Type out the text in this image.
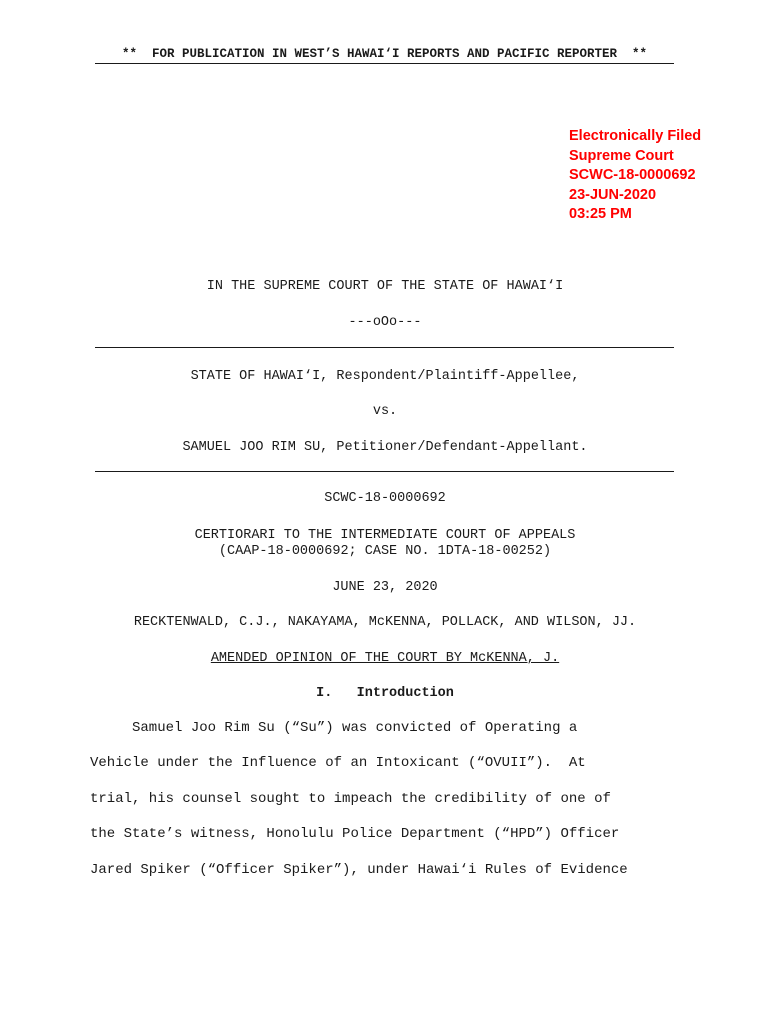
**  FOR PUBLICATION IN WEST’S HAWAI‘I REPORTS AND PACIFIC REPORTER  **
Electronically Filed
Supreme Court
SCWC-18-0000692
23-JUN-2020
03:25 PM
IN THE SUPREME COURT OF THE STATE OF HAWAI‘I
---oOo---
STATE OF HAWAI‘I, Respondent/Plaintiff-Appellee,
vs.
SAMUEL JOO RIM SU, Petitioner/Defendant-Appellant.
SCWC-18-0000692
CERTIORARI TO THE INTERMEDIATE COURT OF APPEALS
(CAAP-18-0000692; CASE NO. 1DTA-18-00252)
JUNE 23, 2020
RECKTENWALD, C.J., NAKAYAMA, McKENNA, POLLACK, AND WILSON, JJ.
AMENDED OPINION OF THE COURT BY McKENNA, J.
I. Introduction
Samuel Joo Rim Su (“Su”) was convicted of Operating a
Vehicle under the Influence of an Intoxicant (“OVUII”).  At
trial, his counsel sought to impeach the credibility of one of
the State’s witness, Honolulu Police Department (“HPD”) Officer
Jared Spiker (“Officer Spiker”), under Hawai‘i Rules of Evidence
